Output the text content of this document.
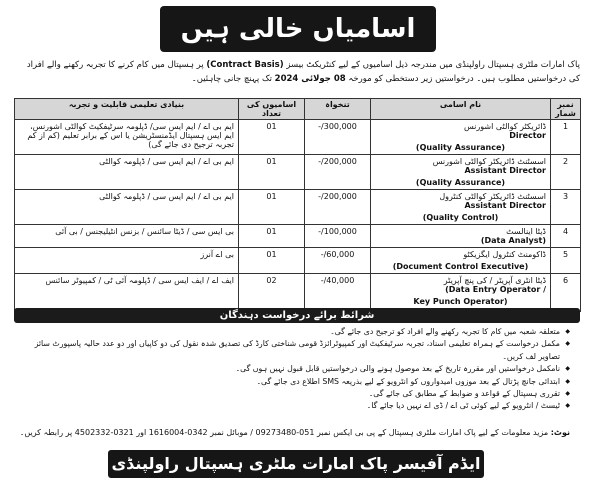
اسامیاں خالی ہیں
پاک امارات ملٹری ہسپتال راولپنڈی میں مندرجہ ذیل اسامیوں کے لیے کنٹریکٹ بیسز (Contract Basis) پر ہسپتال میں کام کرنے کا تجربہ رکھنے والے افراد کی درخواستیں مطلوب ہیں۔ درخواستیں زیر دستخطی کو مورخہ 08 جولائی 2024 تک پہنچ جانی چاہئیں۔
نمبر شمار	نام اسامی	تنخواہ	اسامیوں کی تعداد	بنیادی تعلیمی قابلیت و تجربہ
1	ڈائریکٹر کوالٹی اشورنس
Director
(Quality Assurance)	300,000/-	01	ایم بی اے / ایم ایس سی/ ڈپلومہ سرٹیفکیٹ کوالٹی اشورنس، ایم ایس ہسپتال ایڈمنسٹریشن یا اس کے برابر تعلیم (کم از کم تجربہ ترجیح دی جائے گی)
2	اسسٹنٹ ڈائریکٹر کوالٹی اشورنس
Assistant Director
(Quality Assurance)	200,000/-	01	ایم بی اے / ایم ایس سی / ڈپلومہ کوالٹی
3	اسسٹنٹ ڈائریکٹر کوالٹی کنٹرول
Assistant Director
(Quality Control)	200,000/-	01	ایم بی اے / ایم ایس سی / ڈپلومہ کوالٹی
4	ڈیٹا اینالسٹ
(Data Analyst)	100,000/-	01	بی ایس سی / ڈیٹا سائنس / بزنس انٹیلیجنس / بی آئی
5	ڈاکومنٹ کنٹرول ایگزیکٹو
(Document Control Executive)	60,000/-	01	بی اے آنرز
6	ڈیٹا انٹری آپریٹر / کی پنچ آپریٹر
(Data Entry Operator /
Key Punch Operator)	40,000/-	02	ایف اے / ایف ایس سی / ڈپلومہ آئی ٹی / کمپیوٹر سائنس
شرائط برائے درخواست دہندگان
◆ متعلقہ شعبہ میں کام کا تجربہ رکھنے والے افراد کو ترجیح دی جائے گی۔
◆ مکمل درخواست کے ہمراہ تعلیمی اسناد، تجربہ سرٹیفکیٹ اور کمپیوٹرائزڈ قومی شناختی کارڈ کی تصدیق شدہ نقول کی دو کاپیاں اور دو عدد حالیہ پاسپورٹ سائز تصاویر لف کریں۔
◆ نامکمل درخواستیں اور مقررہ تاریخ کے بعد موصول ہونے والی درخواستیں قابل قبول نہیں ہوں گی۔
◆ ابتدائی جانچ پڑتال کے بعد موزوں امیدواروں کو انٹرویو کے لیے بذریعہ SMS اطلاع دی جائے گی۔
◆ تقرری ہسپتال کے قواعد و ضوابط کے مطابق کی جائے گی۔
◆ ٹیسٹ / انٹرویو کے لیے کوئی ٹی اے / ڈی اے نہیں دیا جائے گا۔
نوٹ: مزید معلومات کے لیے پاک امارات ملٹری ہسپتال کے پی بی ایکس نمبر 051-09273480 / موبائل نمبر 0342-1616004 اور 0321-4502332 پر رابطہ کریں۔
ایڈم آفیسر پاک امارات ملٹری ہسپتال راولپنڈی
